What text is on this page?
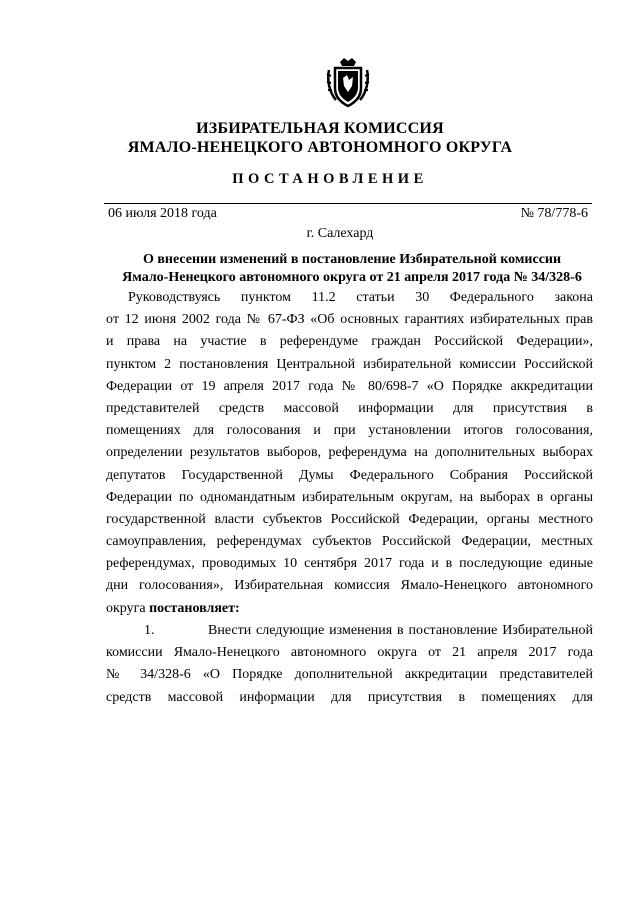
ИЗБИРАТЕЛЬНАЯ КОМИССИЯ
ЯМАЛО-НЕНЕЦКОГО АВТОНОМНОГО ОКРУГА
ПОСТАНОВЛЕНИЕ
06 июля 2018 года	№ 78/778-6
г. Салехард
О внесении изменений в постановление Избирательной комиссии
Ямало-Ненецкого автономного округа от 21 апреля 2017 года № 34/328-6
Руководствуясь пунктом 11.2 статьи 30 Федерального закона
от 12 июня 2002 года № 67-ФЗ «Об основных гарантиях избирательных прав
и права на участие в референдуме граждан Российской Федерации»,
пунктом 2 постановления Центральной избирательной комиссии Российской
Федерации от 19 апреля 2017 года № 80/698-7 «О Порядке аккредитации
представителей средств массовой информации для присутствия в
помещениях для голосования и при установлении итогов голосования,
определении результатов выборов, референдума на дополнительных выборах
депутатов Государственной Думы Федерального Собрания Российской
Федерации по одномандатным избирательным округам, на выборах в органы
государственной власти субъектов Российской Федерации, органы местного
самоуправления, референдумах субъектов Российской Федерации, местных
референдумах, проводимых 10 сентября 2017 года и в последующие единые
дни голосования», Избирательная комиссия Ямало-Ненецкого автономного
округа постановляет:
1.	Внести следующие изменения в постановление Избирательной
комиссии Ямало-Ненецкого автономного округа от 21 апреля 2017 года
№ 34/328-6 «О Порядке дополнительной аккредитации представителей
средств массовой информации для присутствия в помещениях для
